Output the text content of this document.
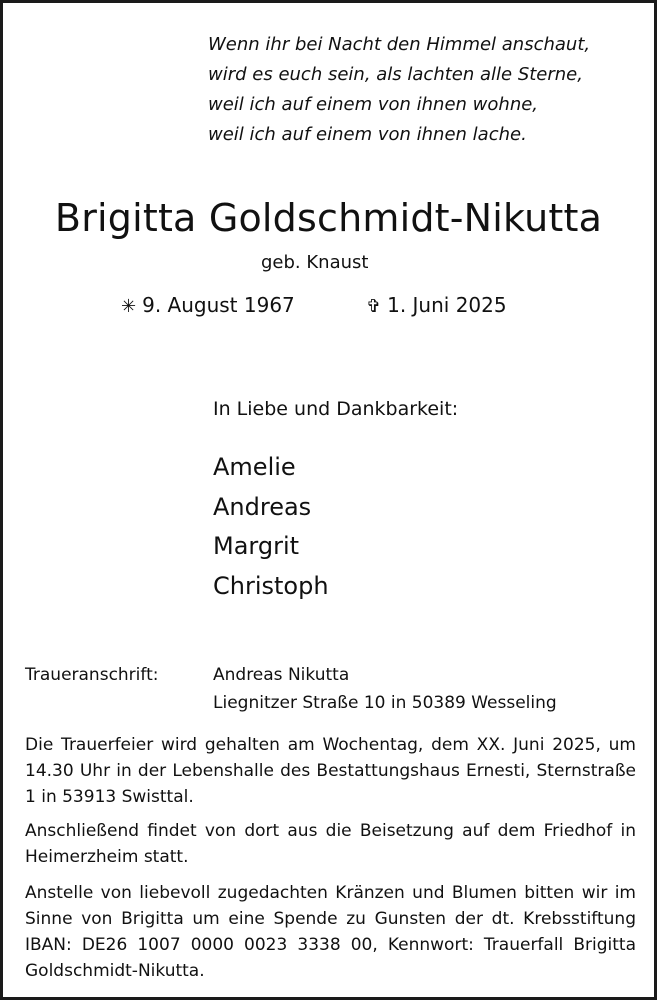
Wenn ihr bei Nacht den Himmel anschaut,
wird es euch sein, als lachten alle Sterne,
weil ich auf einem von ihnen wohne,
weil ich auf einem von ihnen lache.
Brigitta Goldschmidt-Nikutta
geb. Knaust
✳ 9. August 1967	✞ 1. Juni 2025
In Liebe und Dankbarkeit:
Amelie
Andreas
Margrit
Christoph
Traueranschrift:	Andreas Nikutta
Liegnitzer Straße 10 in 50389 Wesseling
Die Trauerfeier wird gehalten am Wochentag, dem XX. Juni 2025, um 14.30 Uhr in der Lebenshalle des Bestattungshaus Ernesti, Sternstraße 1 in 53913 Swisttal.
Anschließend findet von dort aus die Beisetzung auf dem Friedhof in Heimerzheim statt.
Anstelle von liebevoll zugedachten Kränzen und Blumen bitten wir im Sinne von Brigitta um eine Spende zu Gunsten der dt. Krebsstiftung IBAN: DE26 1007 0000 0023 3338 00, Kennwort: Trauerfall Brigitta Goldschmidt-Nikutta.
